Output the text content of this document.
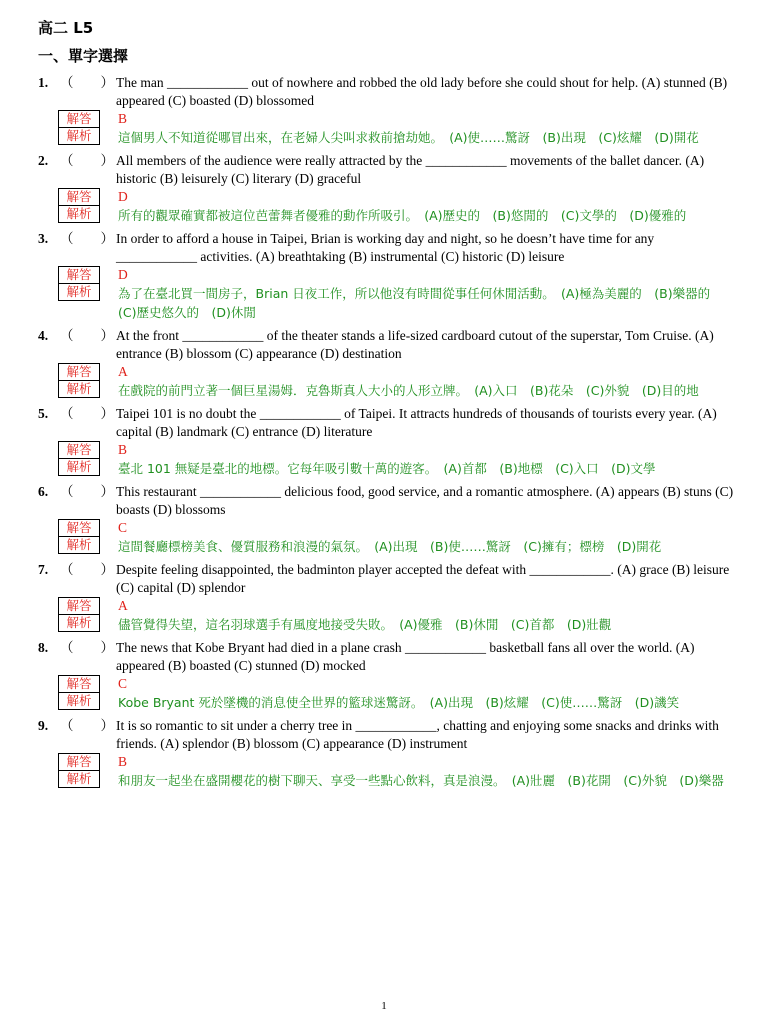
高二 L5
一、單字選擇
1. （　　） The man ____________ out of nowhere and robbed the old lady before she could shout for help. (A) stunned (B) appeared (C) boasted (D) blossomed
解答	B
解析	這個男人不知道從哪冒出來，在老婦人尖叫求救前搶劫她。　(A)使……驚訝　(B)出現　(C)炫耀　(D)開花
2. （　　） All members of the audience were really attracted by the ____________ movements of the ballet dancer. (A) historic (B) leisurely (C) literary (D) graceful
解答	D
解析	所有的觀眾確實都被這位芭蕾舞者優雅的動作所吸引。　(A)歷史的　(B)悠閒的　(C)文學的　(D)優雅的
3. （　　） In order to afford a house in Taipei, Brian is working day and night, so he doesn’t have time for any ____________ activities. (A) breathtaking (B) instrumental (C) historic (D) leisure
解答	D
解析	為了在臺北買一間房子，Brian 日夜工作，所以他沒有時間從事任何休閒活動。　(A)極為美麗的　(B)樂器的　(C)歷史悠久的　(D)休閒
4. （　　） At the front ____________ of the theater stands a life-sized cardboard cutout of the superstar, Tom Cruise. (A) entrance (B) blossom (C) appearance (D) destination
解答	A
解析	在戲院的前門立著一個巨星湯姆．克魯斯真人大小的人形立牌。　(A)入口　(B)花朵　(C)外貌　(D)目的地
5. （　　） Taipei 101 is no doubt the ____________ of Taipei. It attracts hundreds of thousands of tourists every year. (A) capital (B) landmark (C) entrance (D) literature
解答	B
解析	臺北 101 無疑是臺北的地標。它每年吸引數十萬的遊客。　(A)首都　(B)地標　(C)入口　(D)文學
6. （　　） This restaurant ____________ delicious food, good service, and a romantic atmosphere. (A) appears (B) stuns (C) boasts (D) blossoms
解答	C
解析	這間餐廳標榜美食、優質服務和浪漫的氣氛。　(A)出現　(B)使……驚訝　(C)擁有；標榜　(D)開花
7. （　　） Despite feeling disappointed, the badminton player accepted the defeat with ____________. (A) grace (B) leisure (C) capital (D) splendor
解答	A
解析	儘管覺得失望，這名羽球選手有風度地接受失敗。　(A)優雅　(B)休閒　(C)首都　(D)壯觀
8. （　　） The news that Kobe Bryant had died in a plane crash ____________ basketball fans all over the world. (A) appeared (B) boasted (C) stunned (D) mocked
解答	C
解析	Kobe Bryant 死於墜機的消息使全世界的籃球迷驚訝。　(A)出現　(B)炫耀　(C)使……驚訝　(D)譏笑
9. （　　） It is so romantic to sit under a cherry tree in ____________, chatting and enjoying some snacks and drinks with friends. (A) splendor (B) blossom (C) appearance (D) instrument
解答	B
解析	和朋友一起坐在盛開櫻花的樹下聊天、享受一些點心飲料，真是浪漫。　(A)壯麗　(B)花開　(C)外貌　(D)樂器
1
